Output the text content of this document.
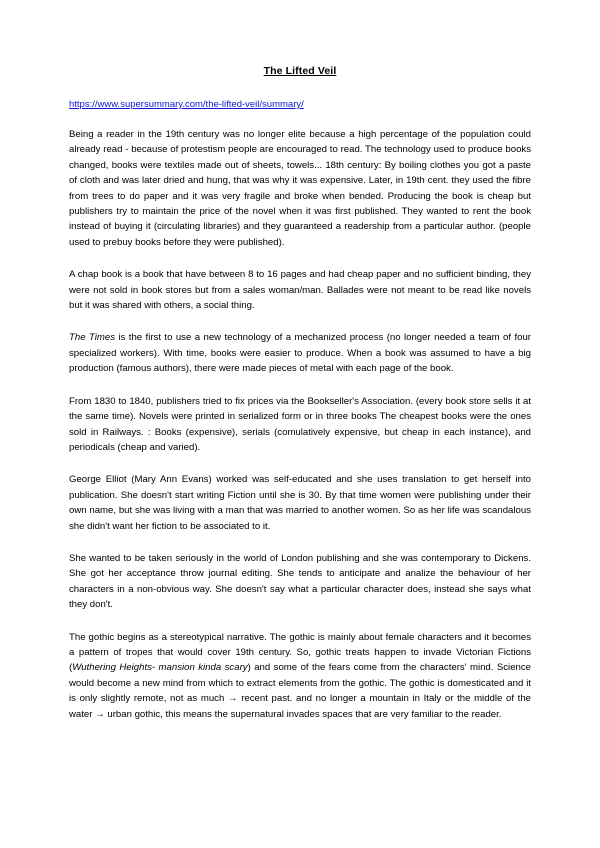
The Lifted Veil
https://www.supersummary.com/the-lifted-veil/summary/

Being a reader in the 19th century was no longer elite because a high percentage of the population could already read - because of protestism people are encouraged to read. The technology used to produce books changed, books were textiles made out of sheets, towels... 18th century: By boiling clothes you got a paste of cloth and was later dried and hung, that was why it was expensive. Later, in 19th cent. they used the fibre from trees to do paper and it was very fragile and broke when bended. Producing the book is cheap but publishers try to maintain the price of the novel when it was first published. They wanted to rent the book instead of buying it (circulating libraries) and they guaranteed a readership from a particular author. (people used to prebuy books before they were published).

A chap book is a book that have between 8 to 16 pages and had cheap paper and no sufficient binding, they were not sold in book stores but from a sales woman/man. Ballades were not meant to be read like novels but it was shared with others, a social thing.

The Times is the first to use a new technology of a mechanized process (no longer needed a team of four specialized workers). With time, books were easier to produce. When a book was assumed to have a big production (famous authors), there were made pieces of metal with each page of the book.

From 1830 to 1840, publishers tried to fix prices via the Bookseller's Association. (every book store sells it at the same time). Novels were printed in serialized form or in three books The cheapest books were the ones sold in Railways. : Books (expensive), serials (comulatively expensive, but cheap in each instance), and periodicals (cheap and varied).

George Elliot (Mary Ann Evans) worked was self-educated and she uses translation to get herself into publication. She doesn't start writing Fiction until she is 30. By that time women were publishing under their own name, but she was living with a man that was married to another women. So as her life was scandalous she didn't want her fiction to be associated to it.

She wanted to be taken seriously in the world of London publishing and she was contemporary to Dickens. She got her acceptance throw journal editing. She tends to anticipate and analize the behaviour of her characters in a non-obvious way. She doesn't say what a particular character does, instead she says what they don't.

The gothic begins as a stereotypical narrative. The gothic is mainly about female characters and it becomes a pattern of tropes that would cover 19th century. So, gothic treats happen to invade Victorian Fictions (Wuthering Heights- mansion kinda scary) and some of the fears come from the characters' mind. Science would become a new mind from which to extract elements from the gothic. The gothic is domesticated and it is only slightly remote, not as much → recent past. and no longer a mountain in Italy or the middle of the water → urban gothic, this means the supernatural invades spaces that are very familiar to the reader.
